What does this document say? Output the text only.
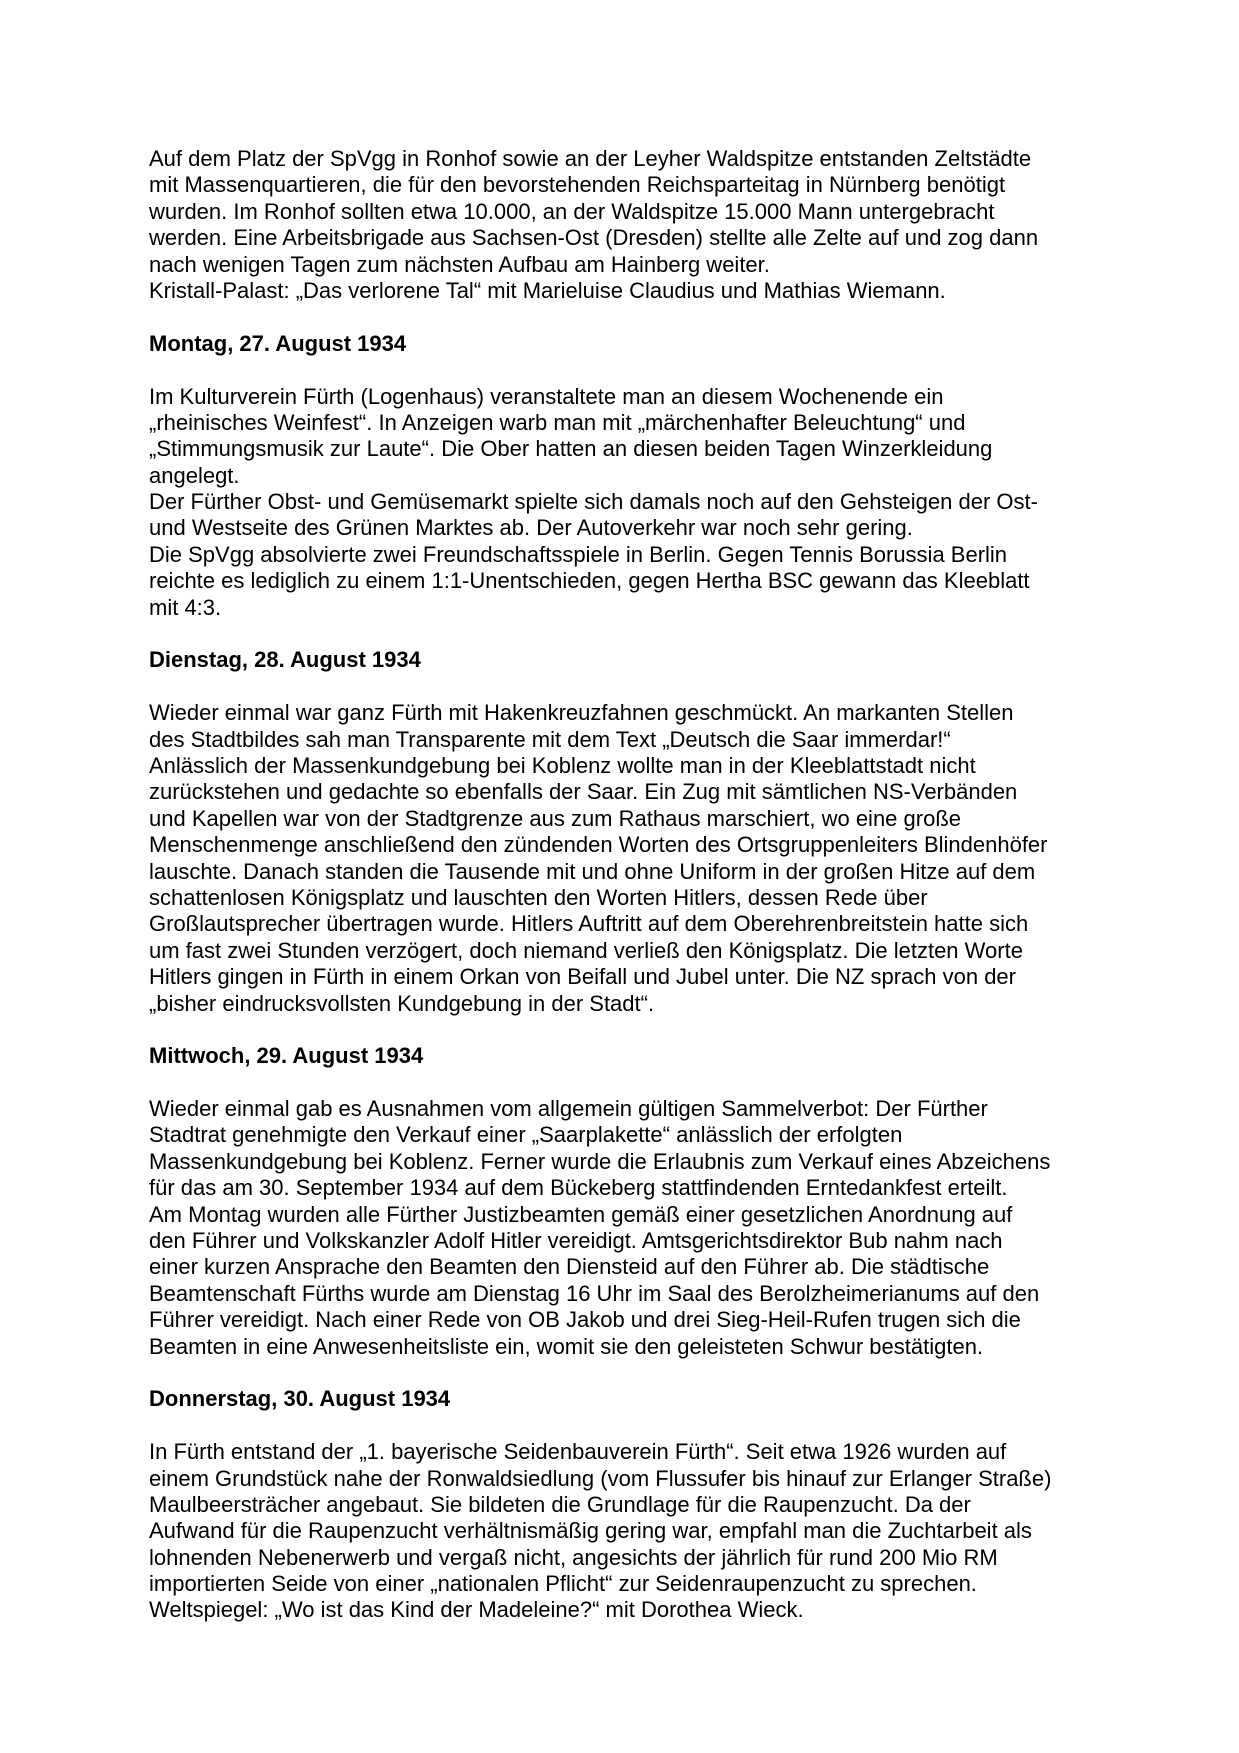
Auf dem Platz der SpVgg in Ronhof sowie an der Leyher Waldspitze entstanden Zeltstädte
mit Massenquartieren, die für den bevorstehenden Reichsparteitag in Nürnberg benötigt
wurden. Im Ronhof sollten etwa 10.000, an der Waldspitze 15.000 Mann untergebracht
werden. Eine Arbeitsbrigade aus Sachsen-Ost (Dresden) stellte alle Zelte auf und zog dann
nach wenigen Tagen zum nächsten Aufbau am Hainberg weiter.
Kristall-Palast: „Das verlorene Tal“ mit Marieluise Claudius und Mathias Wiemann.
Montag, 27. August 1934
Im Kulturverein Fürth (Logenhaus) veranstaltete man an diesem Wochenende ein
„rheinisches Weinfest“. In Anzeigen warb man mit „märchenhafter Beleuchtung“ und
„Stimmungsmusik zur Laute“. Die Ober hatten an diesen beiden Tagen Winzerkleidung
angelegt.
Der Fürther Obst- und Gemüsemarkt spielte sich damals noch auf den Gehsteigen der Ost-
und Westseite des Grünen Marktes ab. Der Autoverkehr war noch sehr gering.
Die SpVgg absolvierte zwei Freundschaftsspiele in Berlin. Gegen Tennis Borussia Berlin
reichte es lediglich zu einem 1:1-Unentschieden, gegen Hertha BSC gewann das Kleeblatt
mit 4:3.
Dienstag, 28. August 1934
Wieder einmal war ganz Fürth mit Hakenkreuzfahnen geschmückt. An markanten Stellen
des Stadtbildes sah man Transparente mit dem Text „Deutsch die Saar immerdar!“
Anlässlich der Massenkundgebung bei Koblenz wollte man in der Kleeblattstadt nicht
zurückstehen und gedachte so ebenfalls der Saar. Ein Zug mit sämtlichen NS-Verbänden
und Kapellen war von der Stadtgrenze aus zum Rathaus marschiert, wo eine große
Menschenmenge anschließend den zündenden Worten des Ortsgruppenleiters Blindenhöfer
lauschte. Danach standen die Tausende mit und ohne Uniform in der großen Hitze auf dem
schattenlosen Königsplatz und lauschten den Worten Hitlers, dessen Rede über
Großlautsprecher übertragen wurde. Hitlers Auftritt auf dem Oberehrenbreitstein hatte sich
um fast zwei Stunden verzögert, doch niemand verließ den Königsplatz. Die letzten Worte
Hitlers gingen in Fürth in einem Orkan von Beifall und Jubel unter. Die NZ sprach von der
„bisher eindrucksvollsten Kundgebung in der Stadt“.
Mittwoch, 29. August 1934
Wieder einmal gab es Ausnahmen vom allgemein gültigen Sammelverbot: Der Fürther
Stadtrat genehmigte den Verkauf einer „Saarplakette“ anlässlich der erfolgten
Massenkundgebung bei Koblenz. Ferner wurde die Erlaubnis zum Verkauf eines Abzeichens
für das am 30. September 1934 auf dem Bückeberg stattfindenden Erntedankfest erteilt.
Am Montag wurden alle Fürther Justizbeamten gemäß einer gesetzlichen Anordnung auf
den Führer und Volkskanzler Adolf Hitler vereidigt. Amtsgerichtsdirektor Bub nahm nach
einer kurzen Ansprache den Beamten den Diensteid auf den Führer ab. Die städtische
Beamtenschaft Fürths wurde am Dienstag 16 Uhr im Saal des Berolzheimerianums auf den
Führer vereidigt. Nach einer Rede von OB Jakob und drei Sieg-Heil-Rufen trugen sich die
Beamten in eine Anwesenheitsliste ein, womit sie den geleisteten Schwur bestätigten.
Donnerstag, 30. August 1934
In Fürth entstand der „1. bayerische Seidenbauverein Fürth“. Seit etwa 1926 wurden auf
einem Grundstück nahe der Ronwaldsiedlung (vom Flussufer bis hinauf zur Erlanger Straße)
Maulbeersträcher angebaut. Sie bildeten die Grundlage für die Raupenzucht. Da der
Aufwand für die Raupenzucht verhältnismäßig gering war, empfahl man die Zuchtarbeit als
lohnenden Nebenerwerb und vergaß nicht, angesichts der jährlich für rund 200 Mio RM
importierten Seide von einer „nationalen Pflicht“ zur Seidenraupenzucht zu sprechen.
Weltspiegel: „Wo ist das Kind der Madeleine?“ mit Dorothea Wieck.
